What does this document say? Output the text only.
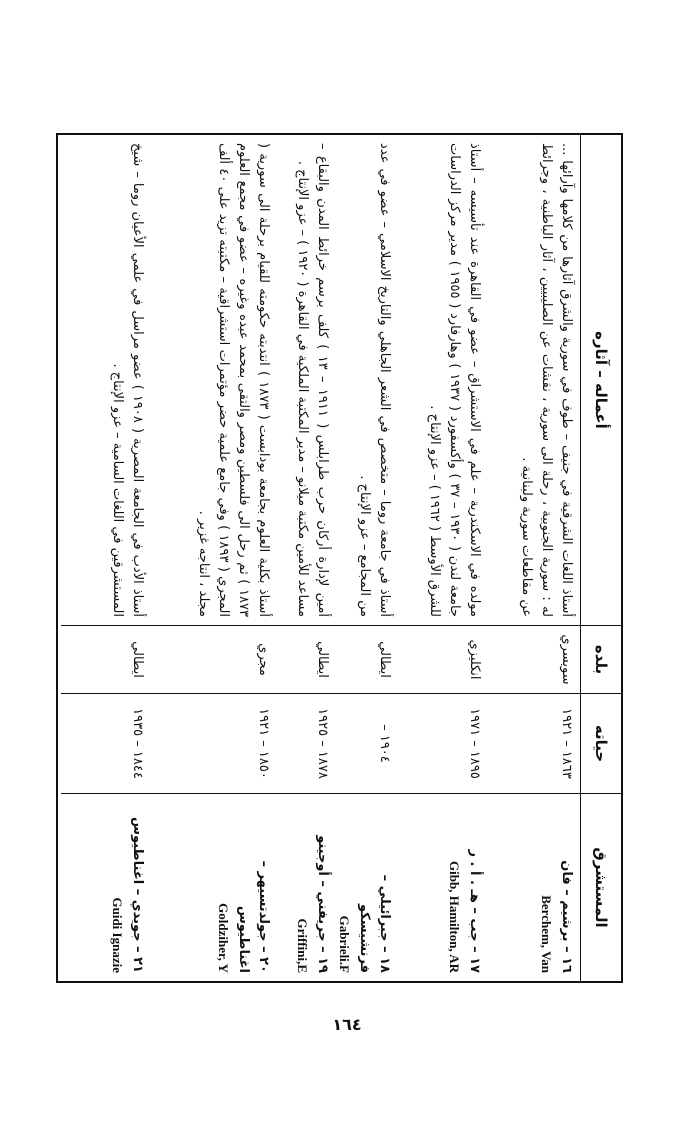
المستشرق
حياته
بلده
أعماله – آثاره
١٦ – برشيم – فان
Berchem, Van
١٧ – جب – هـ . أ . ر
Gibb, Hamilton, AR
١٨ – جبرائيلي – فرنشيسكو
Gabrieli.F
١٩ – جريفني – أوجينو
Griffini,E
٢٠ – جولدتسيهر – اغناطيوس
Goldziher, Y
٢١ – جويدي – اغناطيوس
Guidi Ignazie
١٨٦٣ – ١٩٢١
١٨٩٥ – ١٩٧١
١٩٠٤ –
١٨٧٨ – ١٩٢٥
١٨٥٠ – ١٩٢١
١٨٤٤ – ١٩٣٥
سويسري
انكليزي
ايطالي
ايطالي
مجري
ايطالي
أستاذ اللغات الشرقية في جنيف – طوف في سورية والشرق آثارها من كلامها وآرائها ... له : سورية الجنوبية ، رحلة الى سورية ، نقشات عن الصليبيين ، آثار الباطنية ، وجرائط عن مقاطعات سورية ولبنانية .
مولده في الاسكندرية – علم في الاستشراق – عضو في القاهرة عند تأسيسه – أستاذ جامعة لندن ( ١٩٣٠ – ٣٧ ) وأكسفورد ( ١٩٣٧ ) وهارفارد ( ١٩٥٥ ) مدير مركز الدراسات للشرق الأوسط ( ١٩٦٢ ) – عزو الإنتاج .
أستاذ في جامعة روما – متخصص في الشعر الجاهلي والتاريخ الاسلامي – عضو في عدد من المجامع – عزو الإنتاج .
أمين لإدارة أركان حرب طرابلس ( ١٩١١ – ١٣ ) كلف برسم خرائط المدن والبقاع – مساعد للأمين مكتبة ميلانو – مدير المكتبة الملكية في القاهرة ( ١٩٢٠ ) – عزو الإنتاج .
أستاذ بكلية العلوم بجامعة بودابست ( ١٨٧٣ ) انتدبته حكومته للقيام برحلة الى سورية ( ١٨٧٣ ) ثم رحل الى فلسطين ومصر والتقى بمحمد عبده وغيره – عضو في مجمع العلوم المجري ( ١٨٩٣ ) وفي جامع علمية حضر مؤتمرات استشراقية – مكتبته تزيد على ٤٠ ألف مجلد ، انتاجه غزير .
أستاذ الأدب في الجامعة المصرية ( ١٩٠٨ ) عضو مراسل في علمي الأعيان روما – شيخ المستشرقين في اللغات السامية – عزو الإنتاج .
١٦٤
